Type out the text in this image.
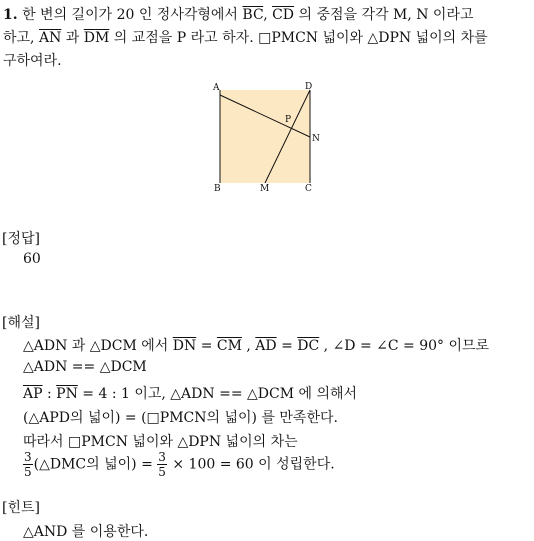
1. 한 변의 길이가 20 인 정사각형에서 $\overline{BC}$, $\overline{CD}$ 의 중점을 각각 M, N 이라고
하고, $\overline{AN}$ 과 $\overline{DM}$ 의 교점을 P 라고 하자. □PMCN 넓이와 △DPN 넓이의 차를
구하여라.
A	D
P
N
B	M	C
[정답]
60
[해설]
△ADN 과 △DCM 에서 $\overline{DN} = \overline{CM}$ , $\overline{AD} = \overline{DC}$ , ∠D = ∠C = 90° 이므로
△ADN == △DCM
$\overline{AP}$ : $\overline{PN} = 4$ : 1 이고, △ADN == △DCM 에 의해서
(△APD의 넓이) = (□PMCN의 넓이) 를 만족한다.
따라서 □PMCN 넓이와 △DPN 넓이의 차는
$\frac{3}{5}$ (△DMC의 넓이) = $\frac{3}{5} \times 100 = 60$ 이 성립한다.
[힌트]
△AND 를 이용한다.
